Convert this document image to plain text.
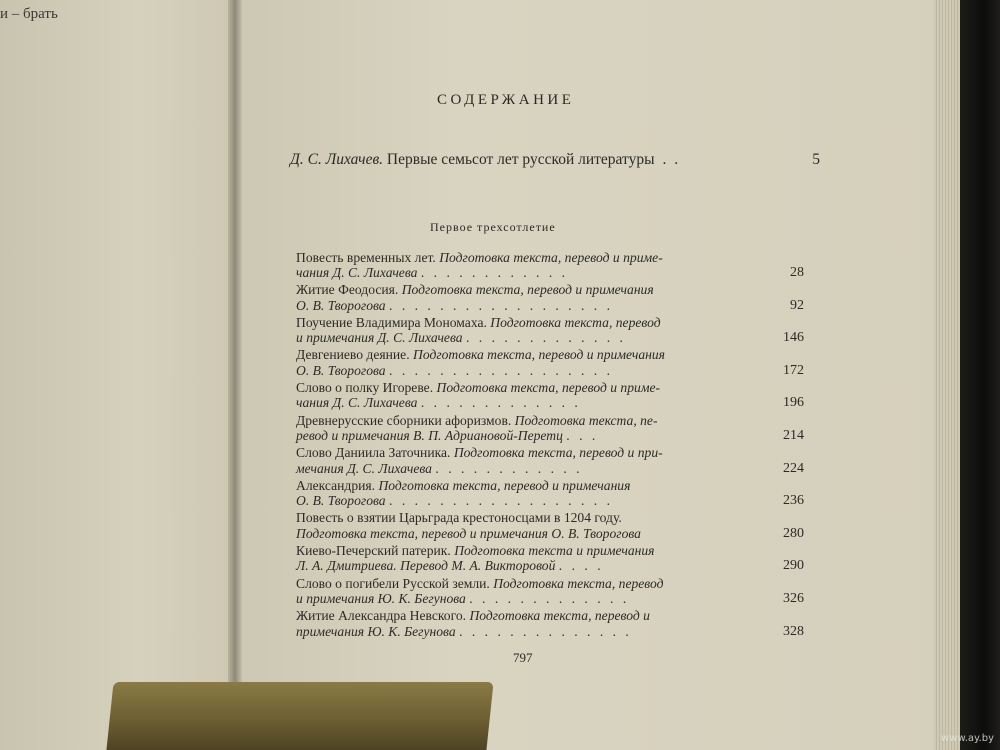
и – брать
СОДЕРЖАНИЕ
Д. С. Лихачев.
Первые семьсот лет русской литературы . .	5
Первое трехсотлетие
Повесть временных лет. Подготовка текста, перевод и приме-
чания Д. С. Лихачева . . . . . . . . . . . .	28
Житие Феодосия. Подготовка текста, перевод и примечания
О. В. Творогова . . . . . . . . . . . . . . . . . .	92
Поучение Владимира Мономаха. Подготовка текста, перевод
и примечания Д. С. Лихачева . . . . . . . . . . . . .	146
Девгениево деяние. Подготовка текста, перевод и примечания
О. В. Творогова . . . . . . . . . . . . . . . . . .	172
Слово о полку Игореве. Подготовка текста, перевод и приме-
чания Д. С. Лихачева . . . . . . . . . . . . .	196
Древнерусские сборники афоризмов. Подготовка текста, пе-
ревод и примечания В. П. Адриановой-Перетц . . .	214
Слово Даниила Заточника. Подготовка текста, перевод и при-
мечания Д. С. Лихачева . . . . . . . . . . . .	224
Александрия. Подготовка текста, перевод и примечания
О. В. Творогова . . . . . . . . . . . . . . . . . .	236
Повесть о взятии Царьграда крестоносцами в 1204 году.
Подготовка текста, перевод и примечания О. В. Творогова	280
Киево-Печерский патерик. Подготовка текста и примечания
Л. А. Дмитриева. Перевод М. А. Викторовой . . . .	290
Слово о погибели Русской земли. Подготовка текста, перевод
и примечания Ю. К. Бегунова . . . . . . . . . . . . .	326
Житие Александра Невского. Подготовка текста, перевод и
примечания Ю. К. Бегунова . . . . . . . . . . . . . .	328
797
www.ay.by
